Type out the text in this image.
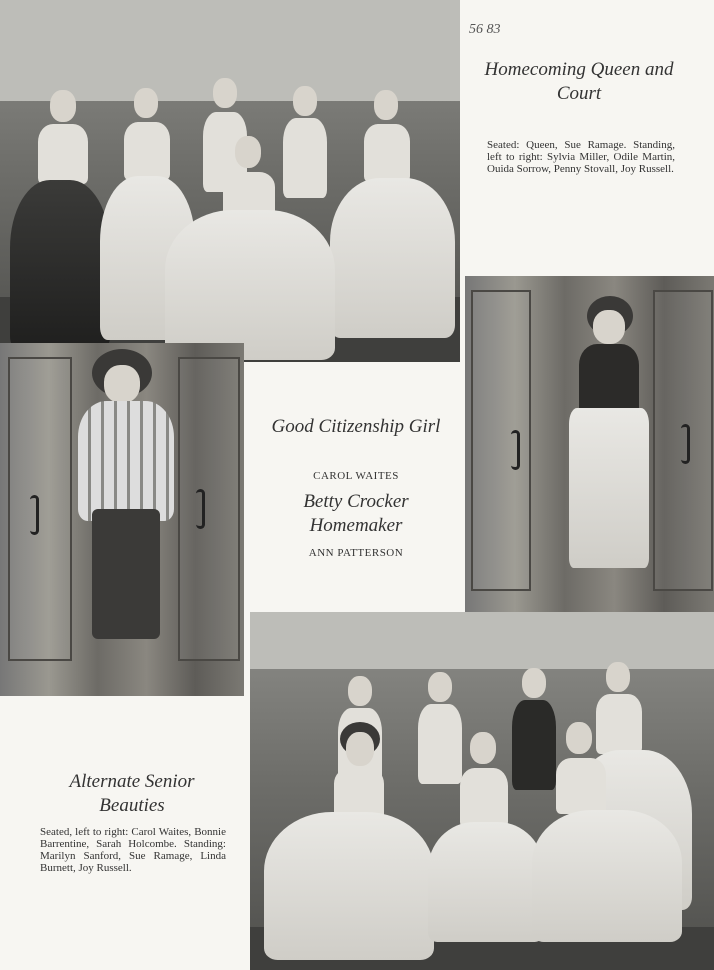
56 83
Homecoming Queen and Court
Seated: Queen, Sue Ramage. Standing, left to right: Sylvia Miller, Odile Martin, Ouida Sorrow, Penny Stovall, Joy Russell.
Good Citizenship Girl
CAROL WAITES
Betty Crocker Homemaker
ANN PATTERSON
Alternate Senior Beauties
Seated, left to right: Carol Waites, Bonnie Barrentine, Sarah Holcombe. Standing: Marilyn Sanford, Sue Ramage, Linda Burnett, Joy Russell.
